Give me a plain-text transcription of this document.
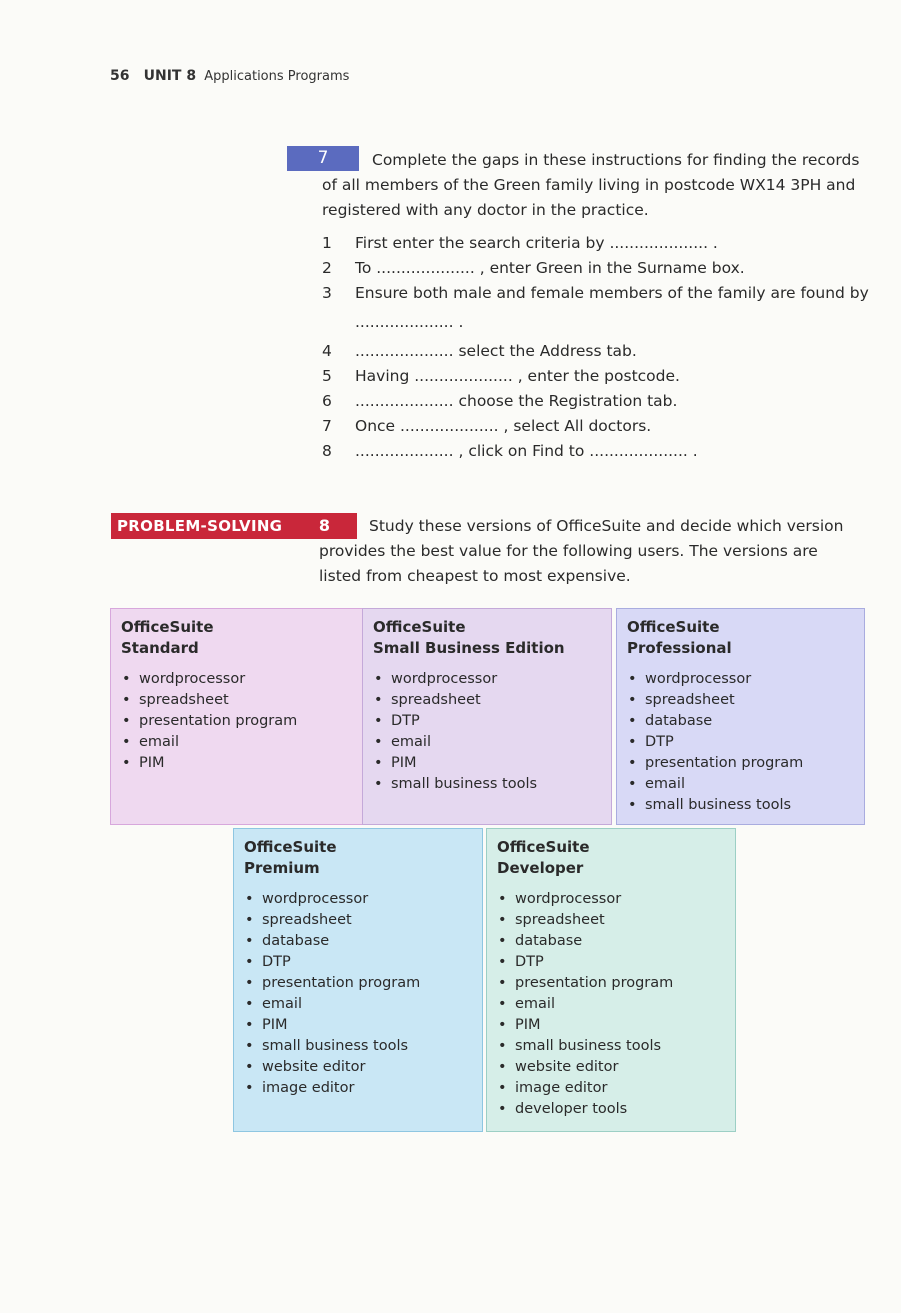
56 UNIT 8 Applications Programs
7	Complete the gaps in these instructions for finding the records
of all members of the Green family living in postcode WX14 3PH and
registered with any doctor in the practice.
1 First enter the search criteria by .................... .
2 To .................... , enter Green in the Surname box.
3 Ensure both male and female members of the family are found by
.................... .
4 .................... select the Address tab.
5 Having .................... , enter the postcode.
6 .................... choose the Registration tab.
7 Once .................... , select All doctors.
8 .................... , click on Find to .................... .
PROBLEM-SOLVING	8	Study these versions of OfficeSuite and decide which version
provides the best value for the following users. The versions are
listed from cheapest to most expensive.
OfficeSuite
Standard
• wordprocessor
• spreadsheet
• presentation program
• email
• PIM
OfficeSuite
Small Business Edition
• wordprocessor
• spreadsheet
• DTP
• email
• PIM
• small business tools
OfficeSuite
Professional
• wordprocessor
• spreadsheet
• database
• DTP
• presentation program
• email
• small business tools
OfficeSuite
Premium
• wordprocessor
• spreadsheet
• database
• DTP
• presentation program
• email
• PIM
• small business tools
• website editor
• image editor
OfficeSuite
Developer
• wordprocessor
• spreadsheet
• database
• DTP
• presentation program
• email
• PIM
• small business tools
• website editor
• image editor
• developer tools
